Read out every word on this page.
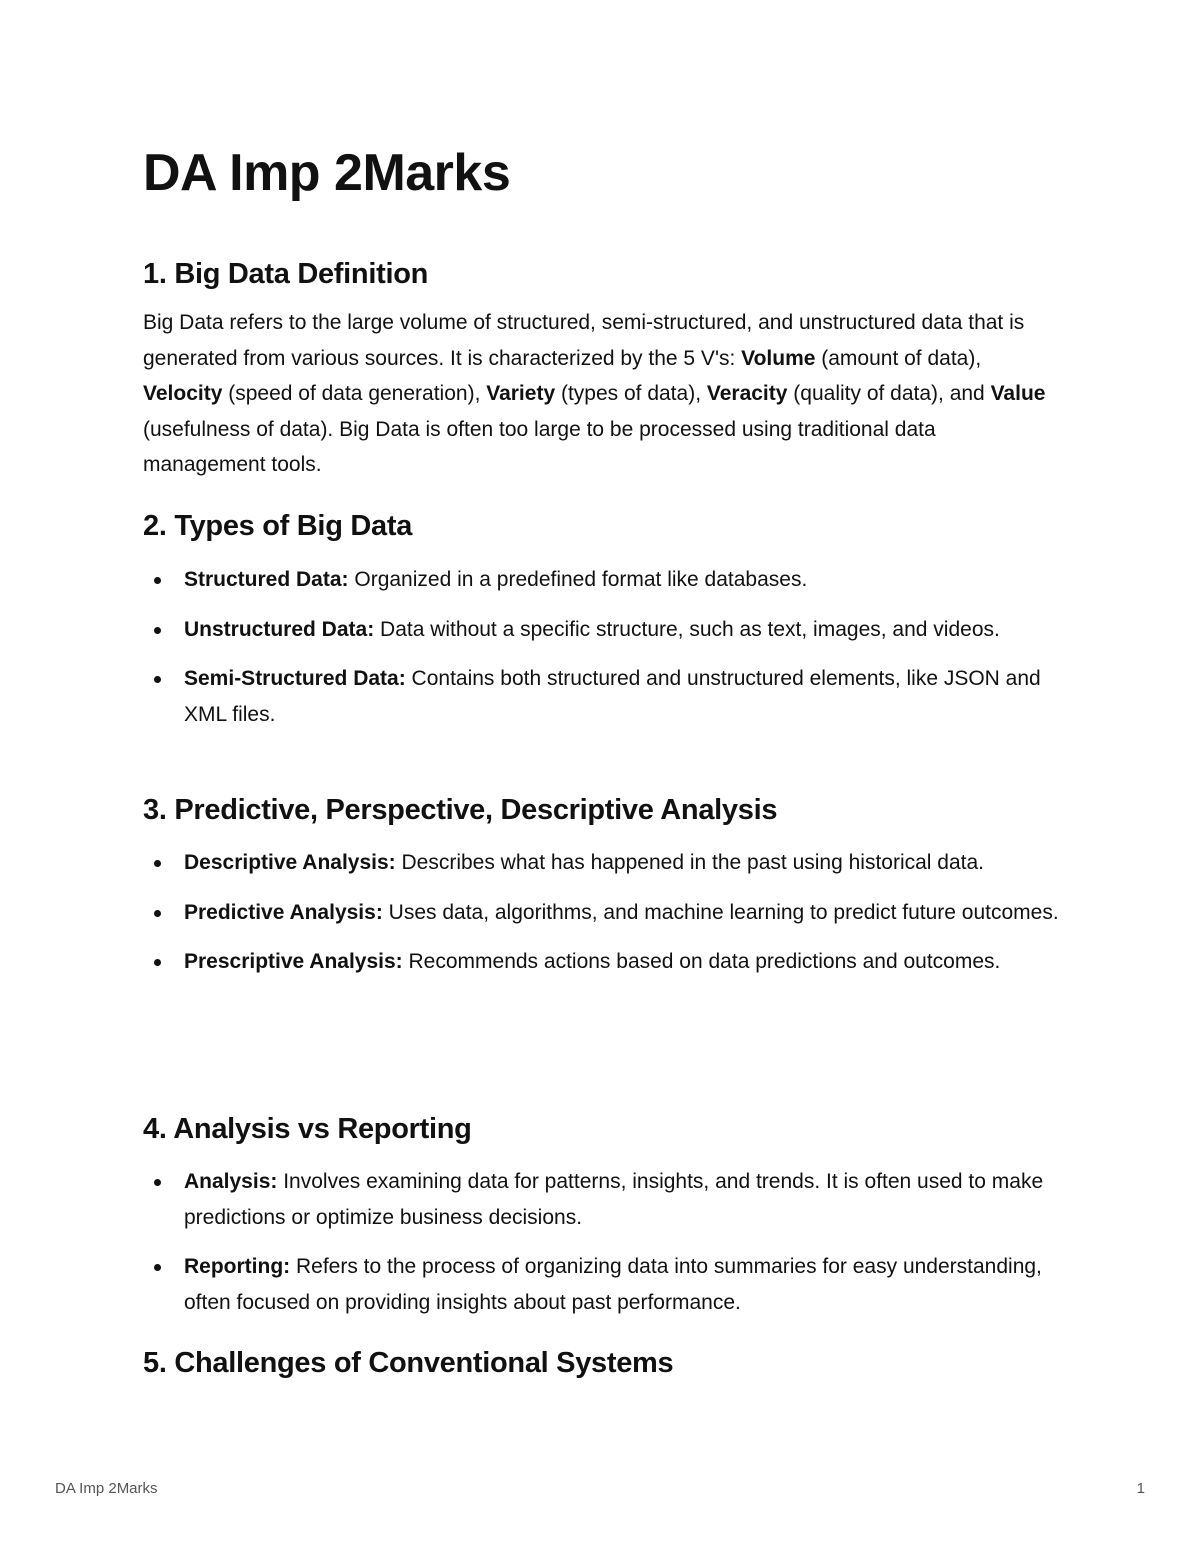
DA Imp 2Marks
1. Big Data Definition

Big Data refers to the large volume of structured, semi-structured, and unstructured data that is generated from various sources. It is characterized by the 5 V's: Volume (amount of data), Velocity (speed of data generation), Variety (types of data), Veracity (quality of data), and Value (usefulness of data). Big Data is often too large to be processed using traditional data management tools.

2. Types of Big Data
Structured Data: Organized in a predefined format like databases.
Unstructured Data: Data without a specific structure, such as text, images, and videos.
Semi-Structured Data: Contains both structured and unstructured elements, like JSON and XML files.
3. Predictive, Perspective, Descriptive Analysis
Descriptive Analysis: Describes what has happened in the past using historical data.
Predictive Analysis: Uses data, algorithms, and machine learning to predict future outcomes.
Prescriptive Analysis: Recommends actions based on data predictions and outcomes.
4. Analysis vs Reporting
Analysis: Involves examining data for patterns, insights, and trends. It is often used to make predictions or optimize business decisions.
Reporting: Refers to the process of organizing data into summaries for easy understanding, often focused on providing insights about past performance.
5. Challenges of Conventional Systems
DA Imp 2Marks	1
